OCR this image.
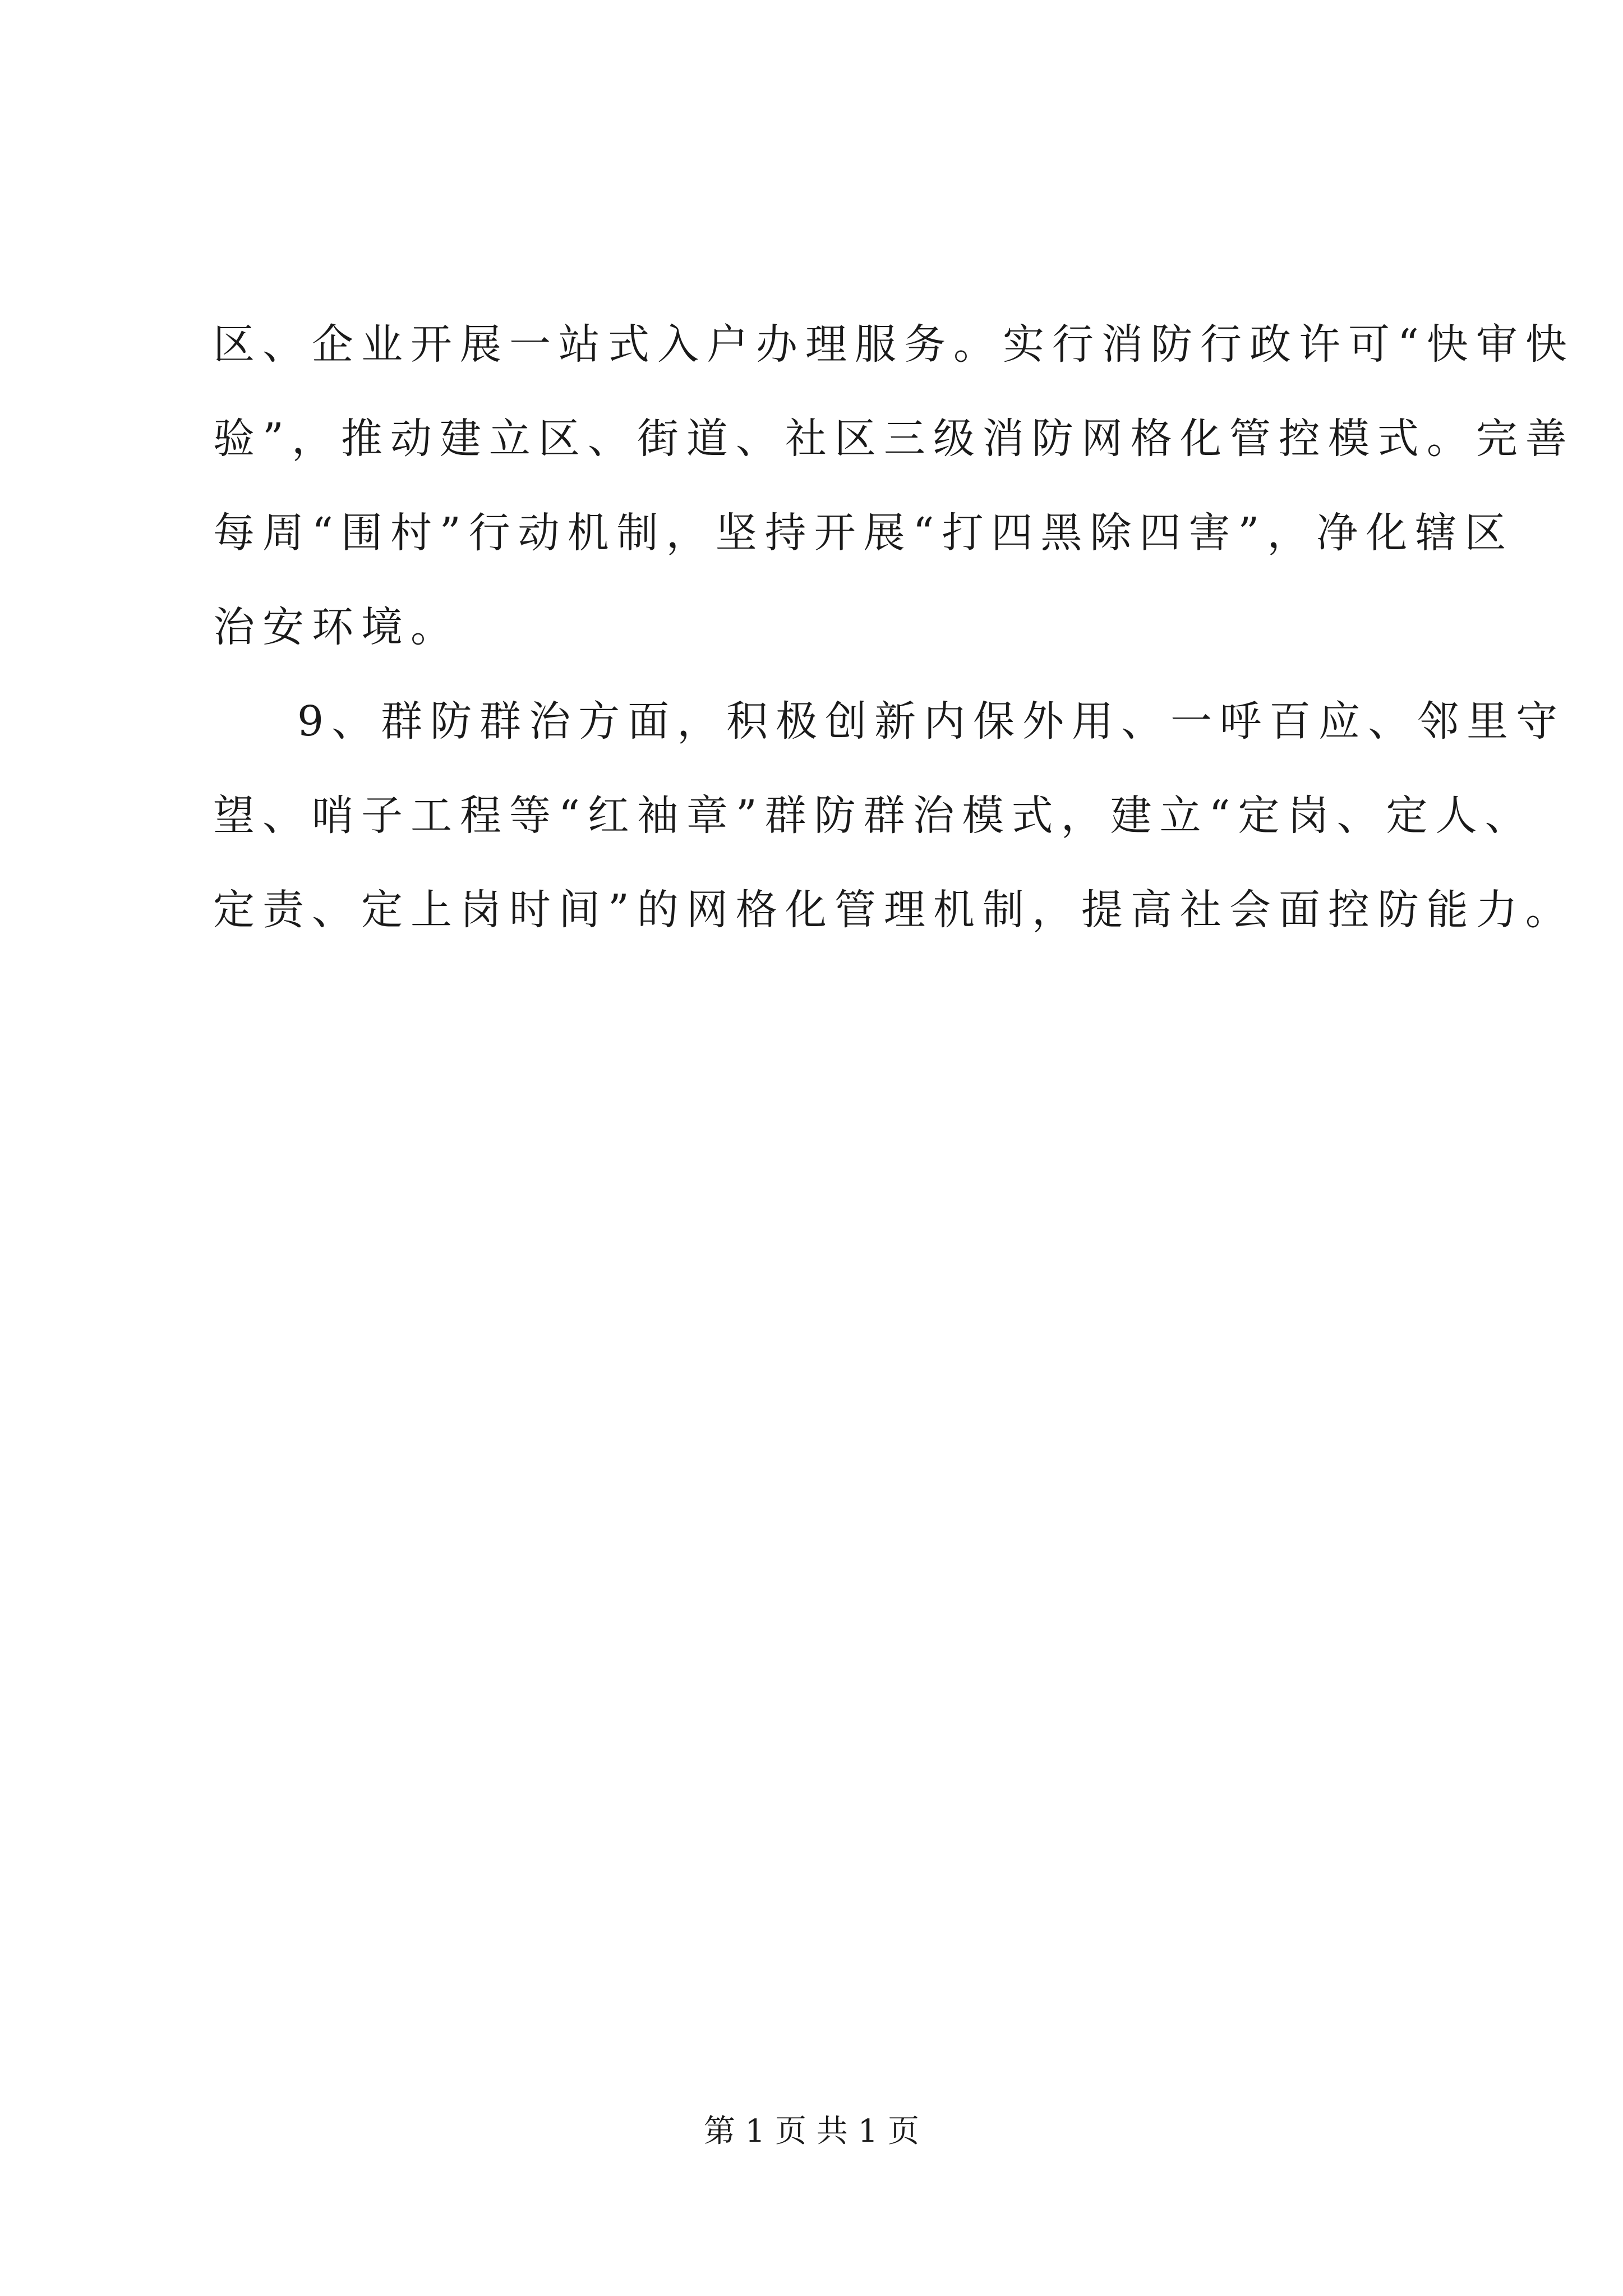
区、企业开展一站式入户办理服务。实行消防行政许可“快审快
验”，推动建立区、街道、社区三级消防网格化管控模式。完善
每周“围村”行动机制，坚持开展“打四黑除四害”，净化辖区
治安环境。
9、群防群治方面，积极创新内保外用、一呼百应、邻里守
望、哨子工程等“红袖章”群防群治模式，建立“定岗、定人、
定责、定上岗时间”的网格化管理机制，提高社会面控防能力。
第 1 页 共 1 页
